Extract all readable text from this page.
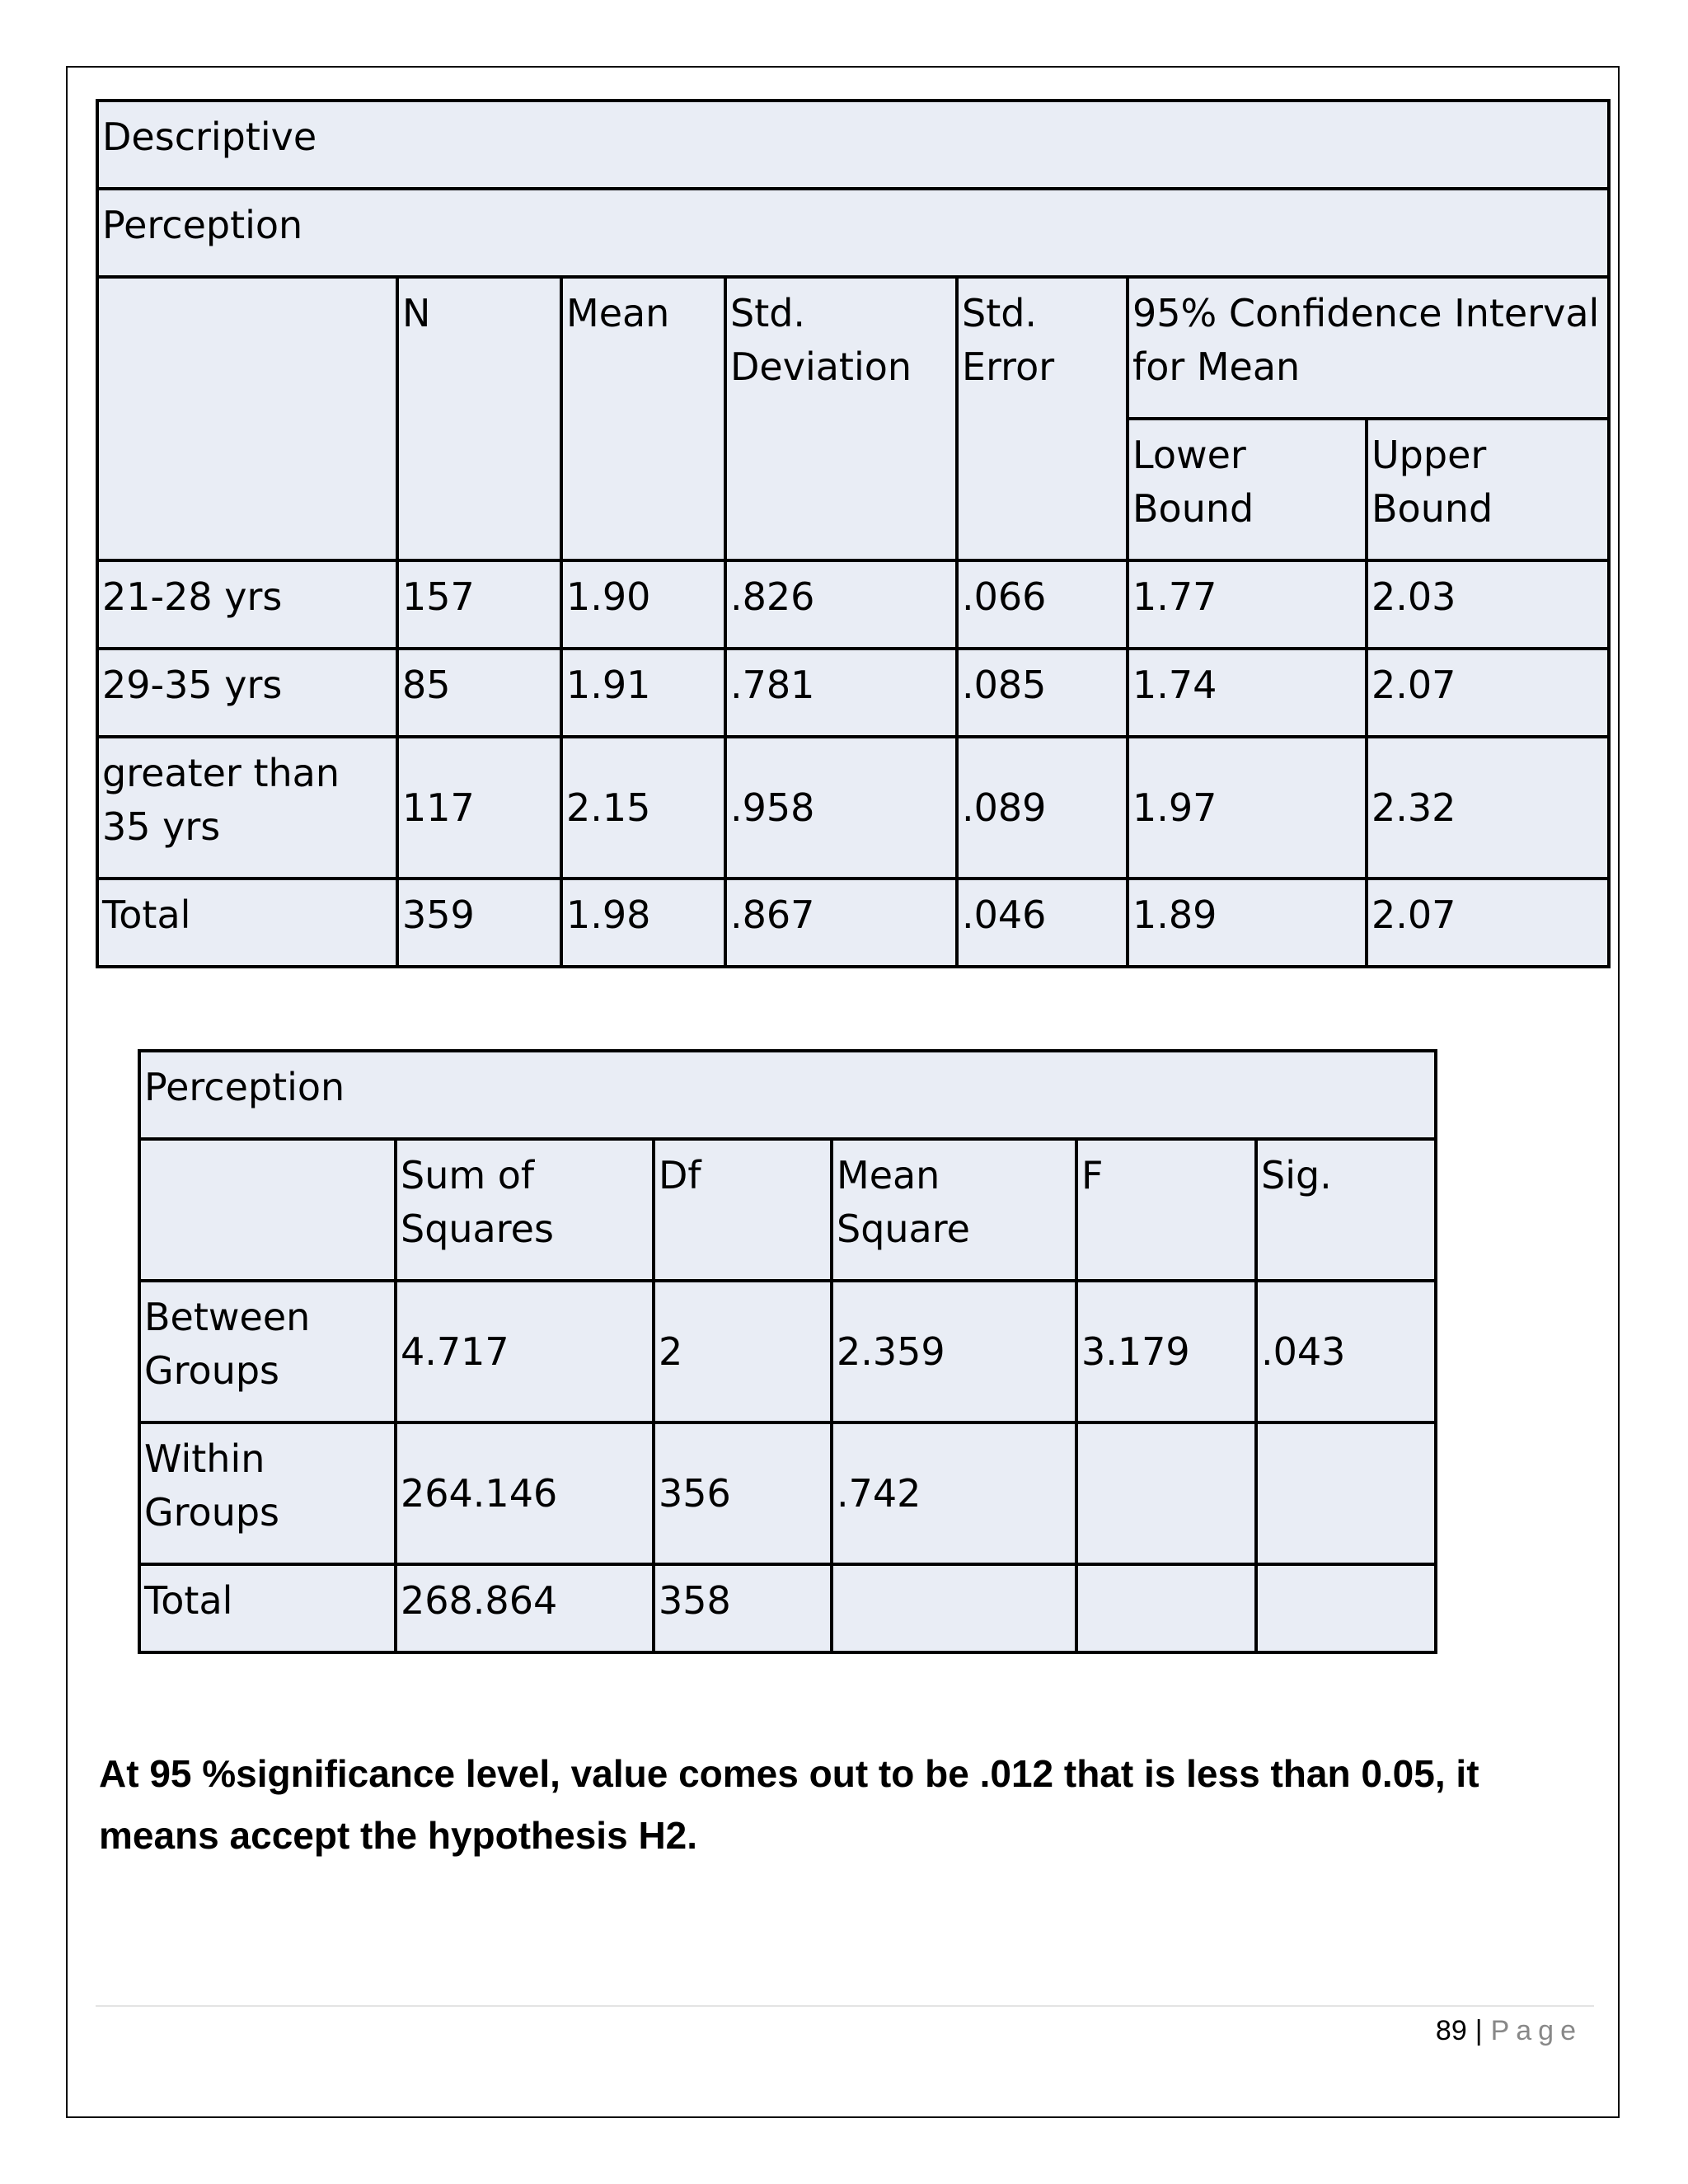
Descriptive						
Perception						
	N	Mean	Std. Deviation	Std. Error	95% Confidence Interval for Mean	
					Lower Bound	Upper Bound
21-28 yrs	157	1.90	.826	.066	1.77	2.03
29-35 yrs	85	1.91	.781	.085	1.74	2.07
greater than 35 yrs	117	2.15	.958	.089	1.97	2.32
Total	359	1.98	.867	.046	1.89	2.07
Perception					
	Sum of Squares	Df	Mean Square	F	Sig.
Between Groups	4.717	2	2.359	3.179	.043
Within Groups	264.146	356	.742		
Total	268.864	358			

At 95 %significance level, value comes out to be .012 that is less than 0.05, it means accept the hypothesis H2.

89 | Page
